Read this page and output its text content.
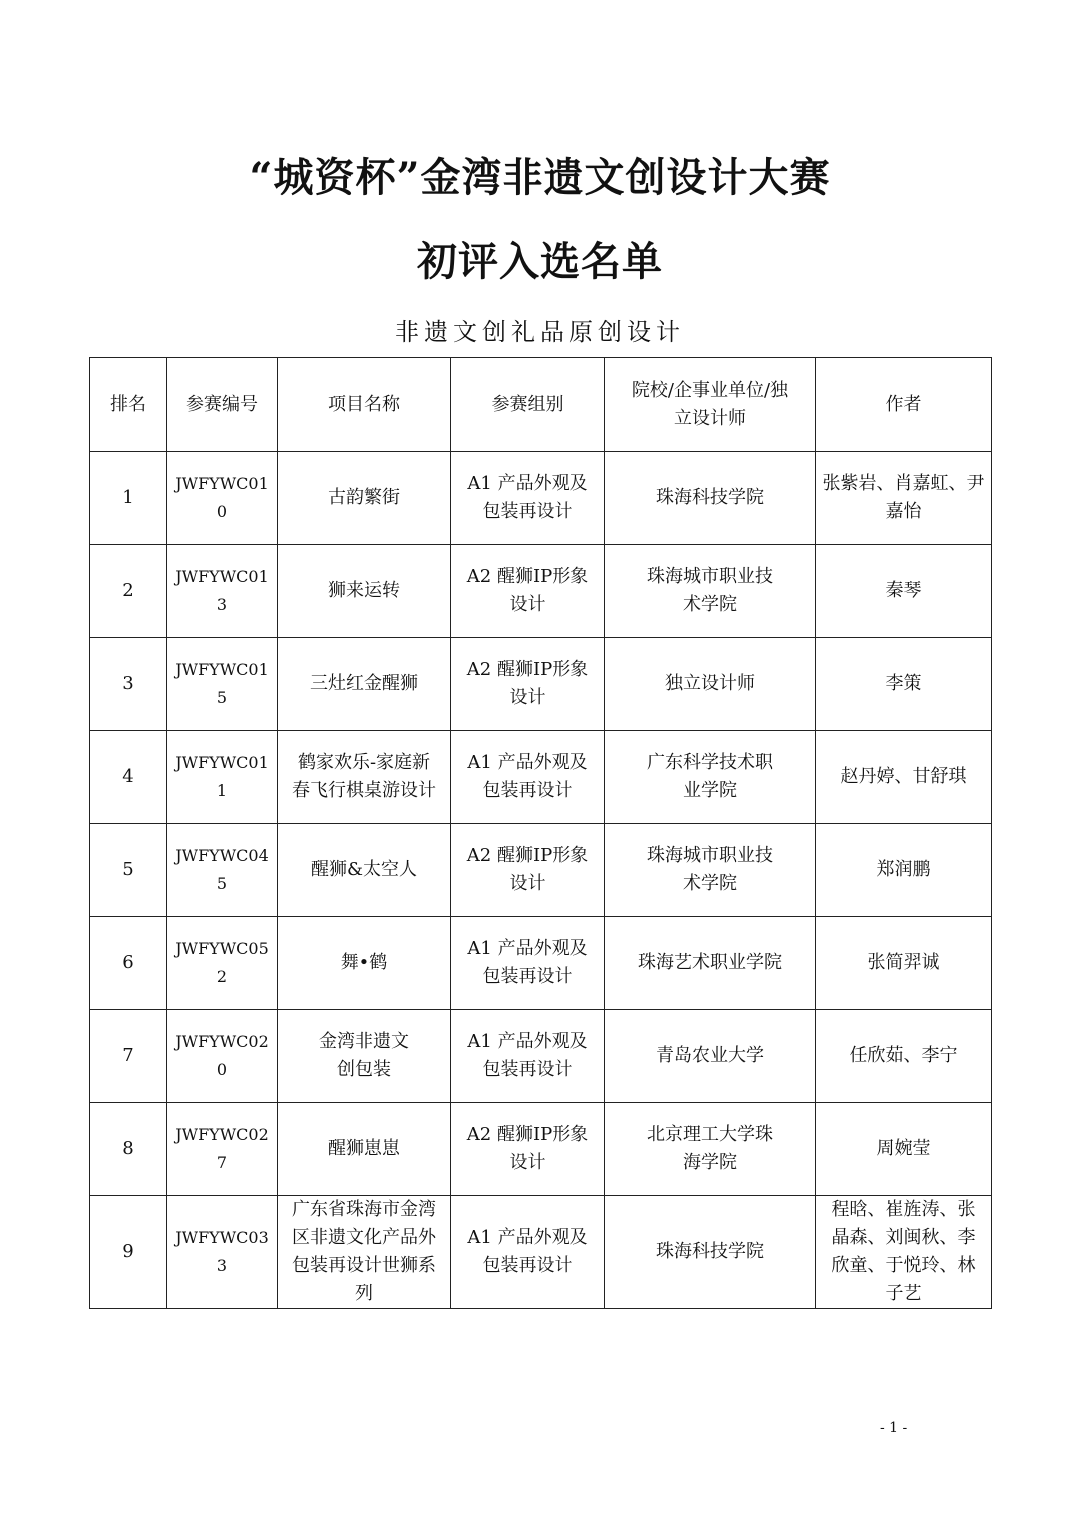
“城资杯”金湾非遗文创设计大赛
初评入选名单
非遗文创礼品原创设计
排名	参赛编号	项目名称	参赛组别	院校/企事业单位/独立设计师	作者
1	JWFYWC010	古韵繁街	A1 产品外观及包装再设计	珠海科技学院	张紫岩、肖嘉虹、尹嘉怡
2	JWFYWC013	狮来运转	A2 醒狮IP形象设计	珠海城市职业技术学院	秦琴
3	JWFYWC015	三灶红金醒狮	A2 醒狮IP形象设计	独立设计师	李策
4	JWFYWC011	鹤家欢乐-家庭新春飞行棋桌游设计	A1 产品外观及包装再设计	广东科学技术职业学院	赵丹婷、甘舒琪
5	JWFYWC045	醒狮&太空人	A2 醒狮IP形象设计	珠海城市职业技术学院	郑润鹏
6	JWFYWC052	舞•鹤	A1 产品外观及包装再设计	珠海艺术职业学院	张简羿诚
7	JWFYWC020	金湾非遗文创包装	A1 产品外观及包装再设计	青岛农业大学	任欣茹、李宁
8	JWFYWC027	醒狮崽崽	A2 醒狮IP形象设计	北京理工大学珠海学院	周婉莹
9	JWFYWC033	广东省珠海市金湾区非遗文化产品外包装再设计世狮系列	A1 产品外观及包装再设计	珠海科技学院	程晗、崔旌涛、张晶森、刘闽秋、李欣童、于悦玲、林子艺
- 1 -
